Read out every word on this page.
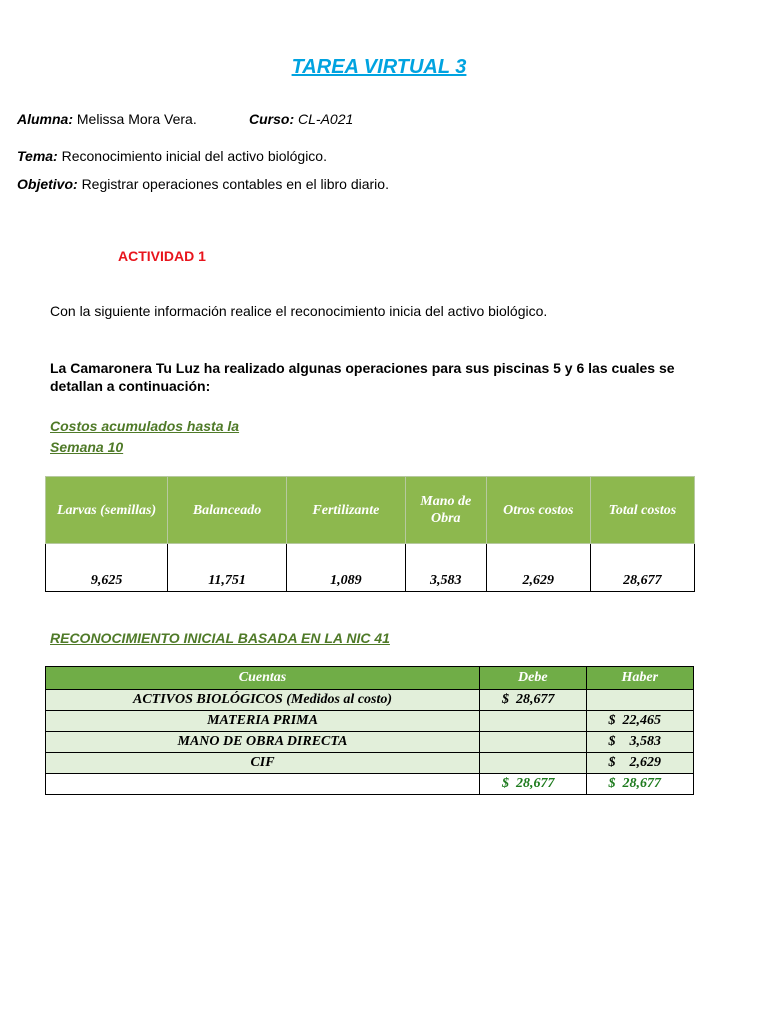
TAREA VIRTUAL 3
Alumna: Melissa Mora Vera.	Curso: CL-A021
Tema: Reconocimiento inicial del activo biológico.
Objetivo: Registrar operaciones contables en el libro diario.
ACTIVIDAD 1
Con la siguiente información realice el reconocimiento inicia del activo biológico.
La Camaronera Tu Luz ha realizado algunas operaciones para sus piscinas 5 y 6 las cuales se detallan a continuación:
Costos acumulados hasta la
Semana 10
Larvas (semillas)	Balanceado	Fertilizante	Mano de Obra	Otros costos	Total costos
9,625	11,751	1,089	3,583	2,629	28,677
RECONOCIMIENTO INICIAL BASADA EN LA NIC 41
Cuentas	Debe	Haber
ACTIVOS BIOLÓGICOS (Medidos al costo)	$ 28,677	
MATERIA PRIMA		$ 22,465
MANO DE OBRA DIRECTA		$ 3,583
CIF		$ 2,629
	$ 28,677	$ 28,677
